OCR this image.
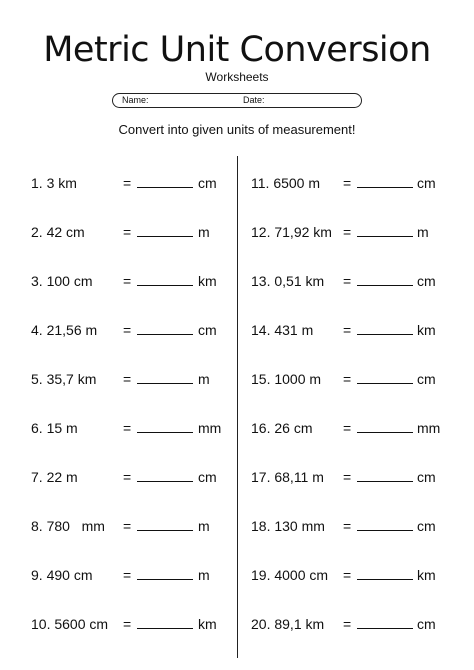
Metric Unit Conversion
Worksheets
Name:	Date:
Convert into given units of measurement!
1. 3 km	=	cm
2. 42 cm	=	m
3. 100 cm =	km
4. 21,56 m =	cm
5. 35,7 km =	m
6. 15 m	=	mm
7. 22 m	=	cm
8. 780   mm =	m
9. 490 cm =	m
10. 5600 cm =	km
11. 6500 m =	cm
12. 71,92 km =	m
13. 0,51 km =	cm
14. 431 m =	km
15. 1000 m =	cm
16. 26 cm =	mm
17. 68,11 m =	cm
18. 130 mm =	cm
19. 4000 cm =	km
20. 89,1 km =	cm
